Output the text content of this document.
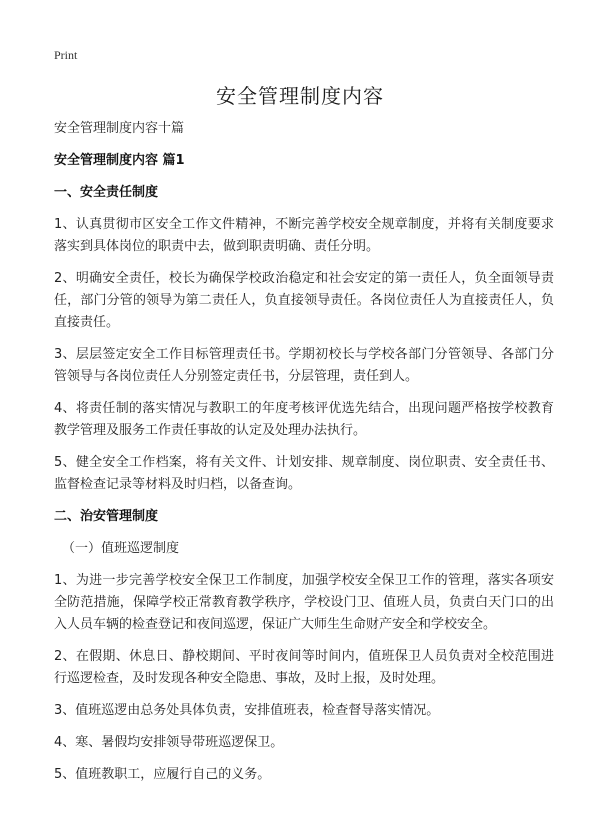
Print
安全管理制度内容

安全管理制度内容十篇

安全管理制度内容 篇1

一、安全责任制度

1、认真贯彻市区安全工作文件精神，不断完善学校安全规章制度，并将有关制度要求落实到具体岗位的职责中去，做到职责明确、责任分明。

2、明确安全责任，校长为确保学校政治稳定和社会安定的第一责任人，负全面领导责任，部门分管的领导为第二责任人，负直接领导责任。各岗位责任人为直接责任人，负直接责任。

3、层层签定安全工作目标管理责任书。学期初校长与学校各部门分管领导、各部门分管领导与各岗位责任人分别签定责任书，分层管理，责任到人。

4、将责任制的落实情况与教职工的年度考核评优选先结合，出现问题严格按学校教育教学管理及服务工作责任事故的认定及处理办法执行。

5、健全安全工作档案，将有关文件、计划安排、规章制度、岗位职责、安全责任书、监督检查记录等材料及时归档，以备查询。

二、治安管理制度

（一）值班巡逻制度

1、为进一步完善学校安全保卫工作制度，加强学校安全保卫工作的管理，落实各项安全防范措施，保障学校正常教育教学秩序，学校设门卫、值班人员，负责白天门口的出入人员车辆的检查登记和夜间巡逻，保证广大师生生命财产安全和学校安全。

2、在假期、休息日、静校期间、平时夜间等时间内，值班保卫人员负责对全校范围进行巡逻检查，及时发现各种安全隐患、事故，及时上报，及时处理。

3、值班巡逻由总务处具体负责，安排值班表，检查督导落实情况。

4、寒、暑假均安排领导带班巡逻保卫。

5、值班教职工，应履行自己的义务。
